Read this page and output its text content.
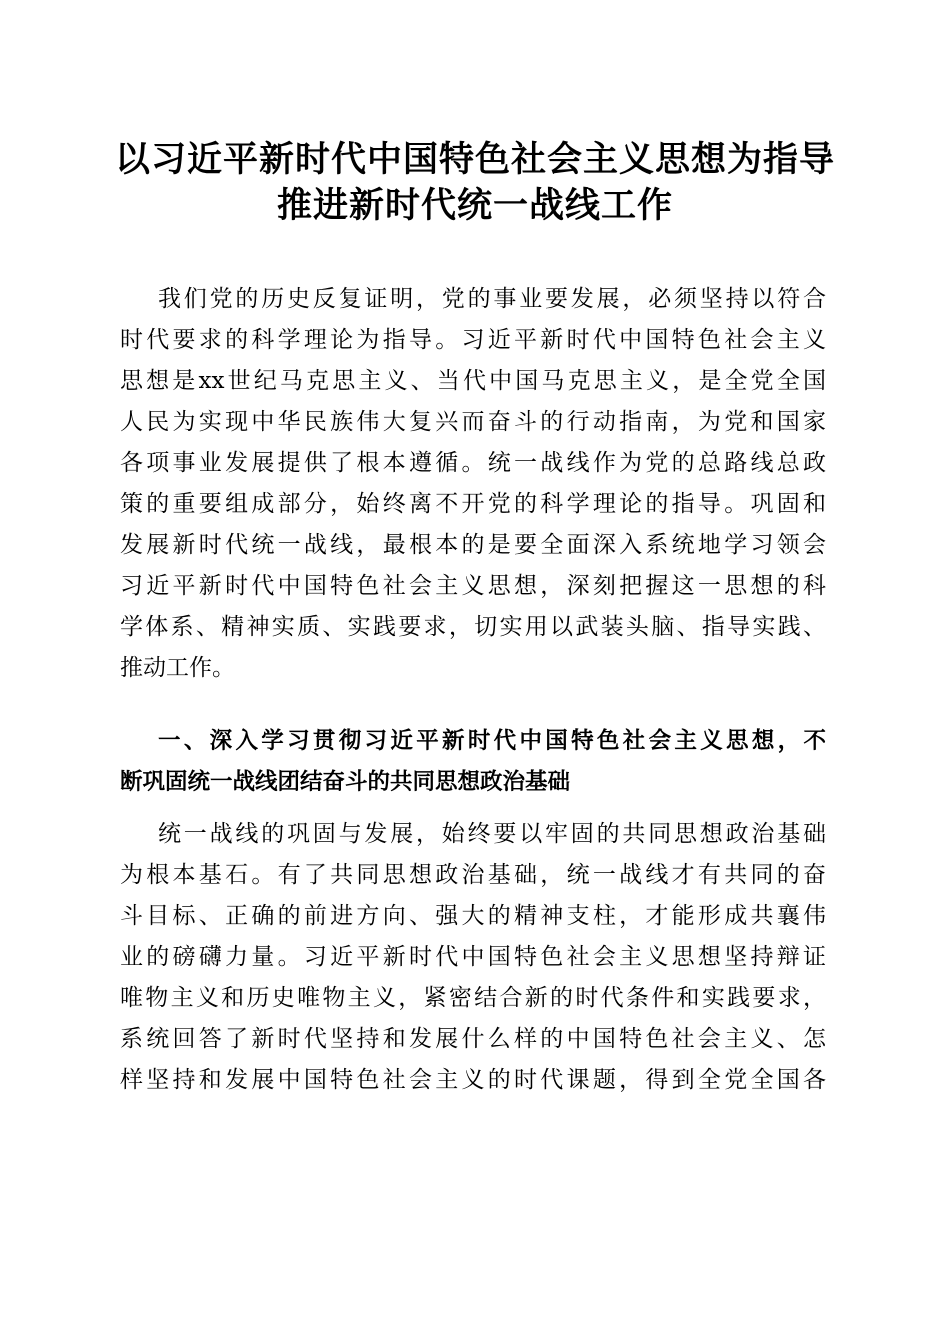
以习近平新时代中国特色社会主义思想为指导
推进新时代统一战线工作

我们党的历史反复证明，党的事业要发展，必须坚持以符合

时代要求的科学理论为指导。习近平新时代中国特色社会主义

思想是xx世纪马克思主义、当代中国马克思主义，是全党全国

人民为实现中华民族伟大复兴而奋斗的行动指南，为党和国家

各项事业发展提供了根本遵循。统一战线作为党的总路线总政

策的重要组成部分，始终离不开党的科学理论的指导。巩固和

发展新时代统一战线，最根本的是要全面深入系统地学习领会

习近平新时代中国特色社会主义思想，深刻把握这一思想的科

学体系、精神实质、实践要求，切实用以武装头脑、指导实践、

推动工作。

一、深入学习贯彻习近平新时代中国特色社会主义思想，不

断巩固统一战线团结奋斗的共同思想政治基础

统一战线的巩固与发展，始终要以牢固的共同思想政治基础

为根本基石。有了共同思想政治基础，统一战线才有共同的奋

斗目标、正确的前进方向、强大的精神支柱，才能形成共襄伟

业的磅礴力量。习近平新时代中国特色社会主义思想坚持辩证

唯物主义和历史唯物主义，紧密结合新的时代条件和实践要求，

系统回答了新时代坚持和发展什么样的中国特色社会主义、怎

样坚持和发展中国特色社会主义的时代课题，得到全党全国各
